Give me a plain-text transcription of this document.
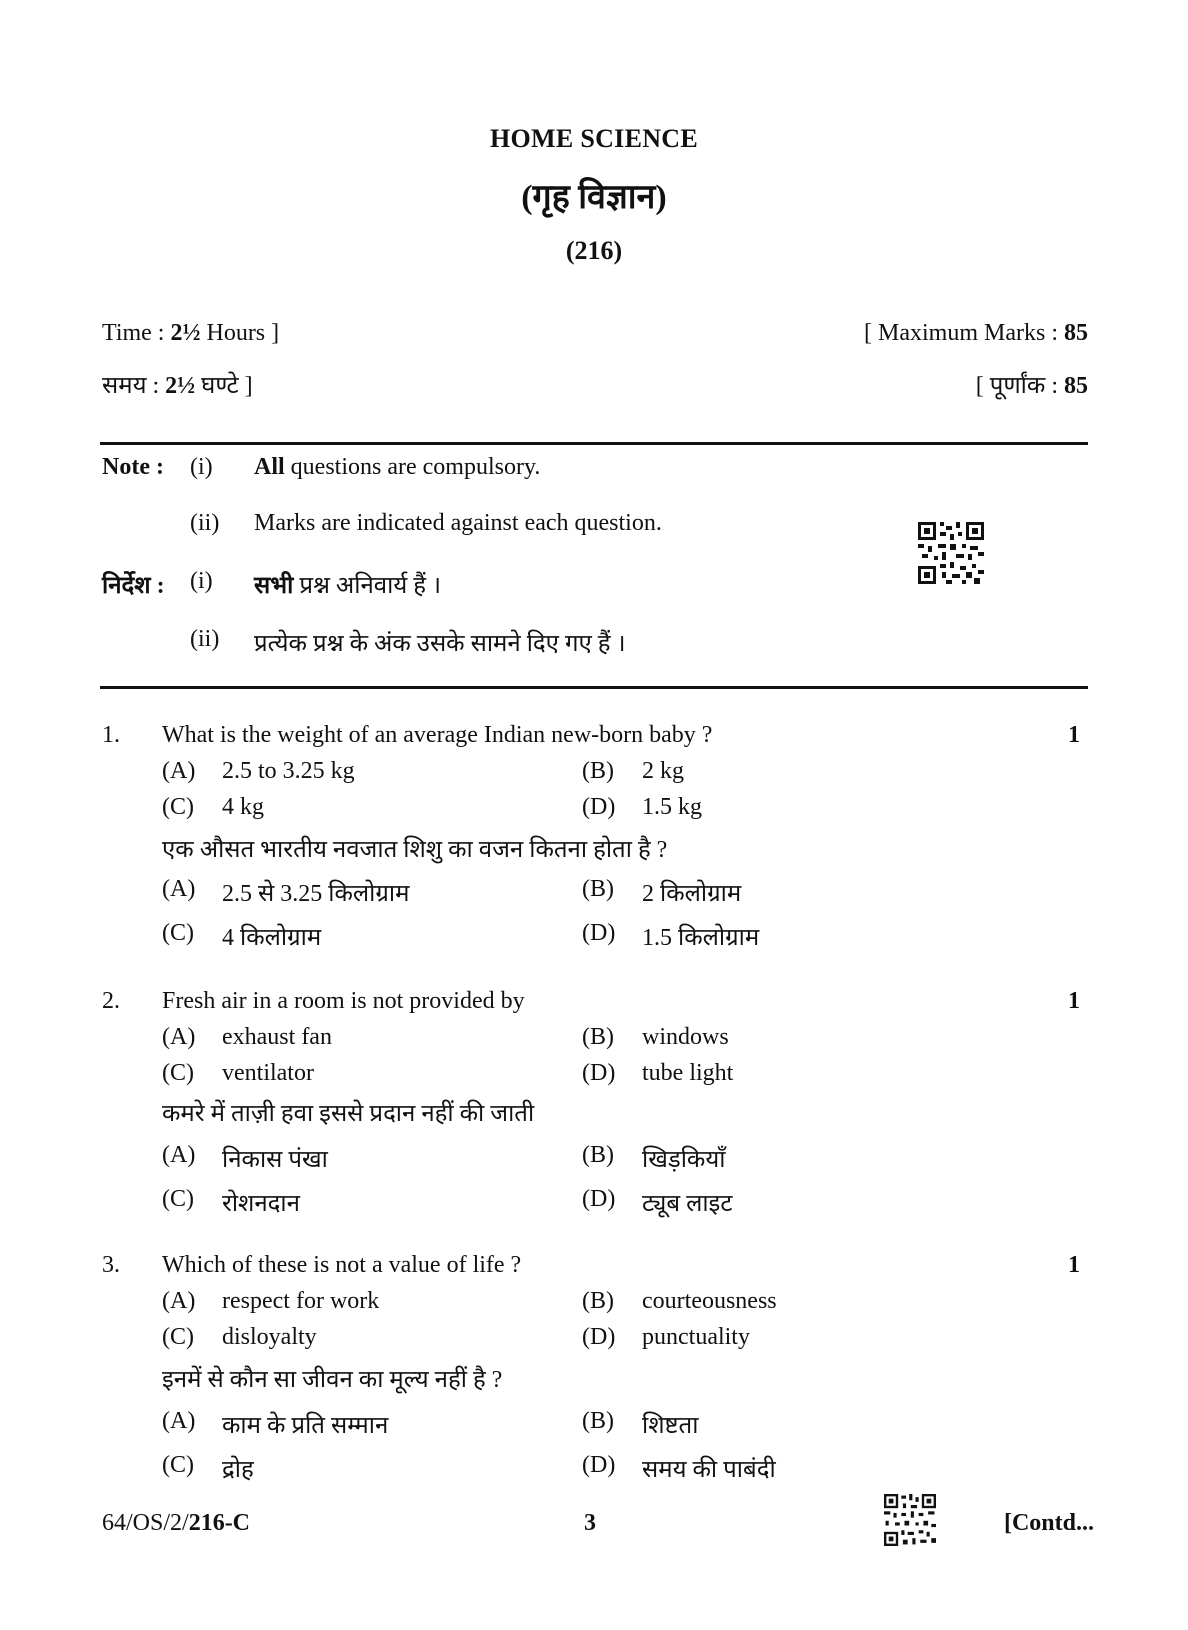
HOME SCIENCE
(गृह विज्ञान)
(216)
Time : 2½ Hours ]	[ Maximum Marks : 85
समय : 2½ घण्टे ]	[ पूर्णांक : 85
Note : (i) All questions are compulsory.
(ii) Marks are indicated against each question.
निर्देश : (i) सभी प्रश्न अनिवार्य हैं ।
(ii) प्रत्येक प्रश्न के अंक उसके सामने दिए गए हैं ।
1. What is the weight of an average Indian new-born baby ?	1
(A) 2.5 to 3.25 kg	(B) 2 kg
(C) 4 kg	(D) 1.5 kg
एक औसत भारतीय नवजात शिशु का वजन कितना होता है ?
(A) 2.5 से 3.25 किलोग्राम	(B) 2 किलोग्राम
(C) 4 किलोग्राम	(D) 1.5 किलोग्राम
2. Fresh air in a room is not provided by	1
(A) exhaust fan	(B) windows
(C) ventilator	(D) tube light
कमरे में ताज़ी हवा इससे प्रदान नहीं की जाती
(A) निकास पंखा	(B) खिड़कियाँ
(C) रोशनदान	(D) ट्यूब लाइट
3. Which of these is not a value of life ?	1
(A) respect for work	(B) courteousness
(C) disloyalty	(D) punctuality
इनमें से कौन सा जीवन का मूल्य नहीं है ?
(A) काम के प्रति सम्मान	(B) शिष्टता
(C) द्रोह	(D) समय की पाबंदी
64/OS/2/216-C	3	[Contd...
